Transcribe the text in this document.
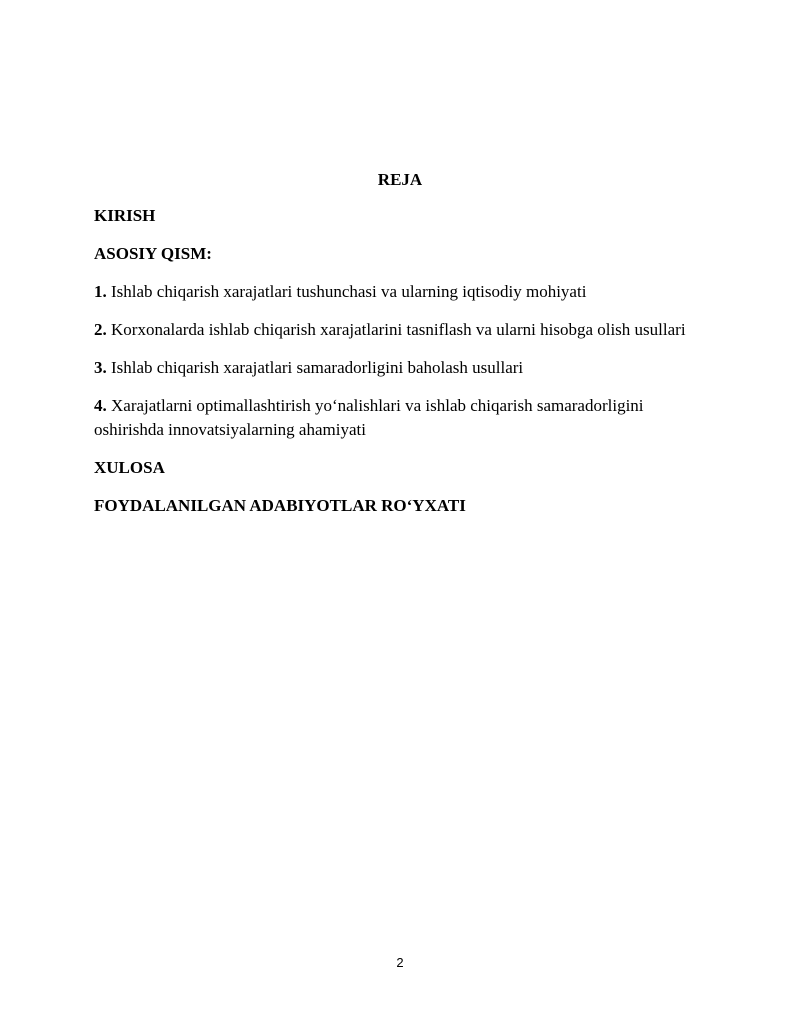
REJA
KIRISH
ASOSIY QISM:
1. Ishlab chiqarish xarajatlari tushunchasi va ularning iqtisodiy mohiyati
2. Korxonalarda ishlab chiqarish xarajatlarini tasniflash va ularni hisobga olish usullari
3. Ishlab chiqarish xarajatlari samaradorligini baholash usullari
4. Xarajatlarni optimallashtirish yo‘nalishlari va ishlab chiqarish samaradorligini oshirishda innovatsiyalarning ahamiyati
XULOSA
FOYDALANILGAN ADABIYOTLAR RO‘YXATI
2
